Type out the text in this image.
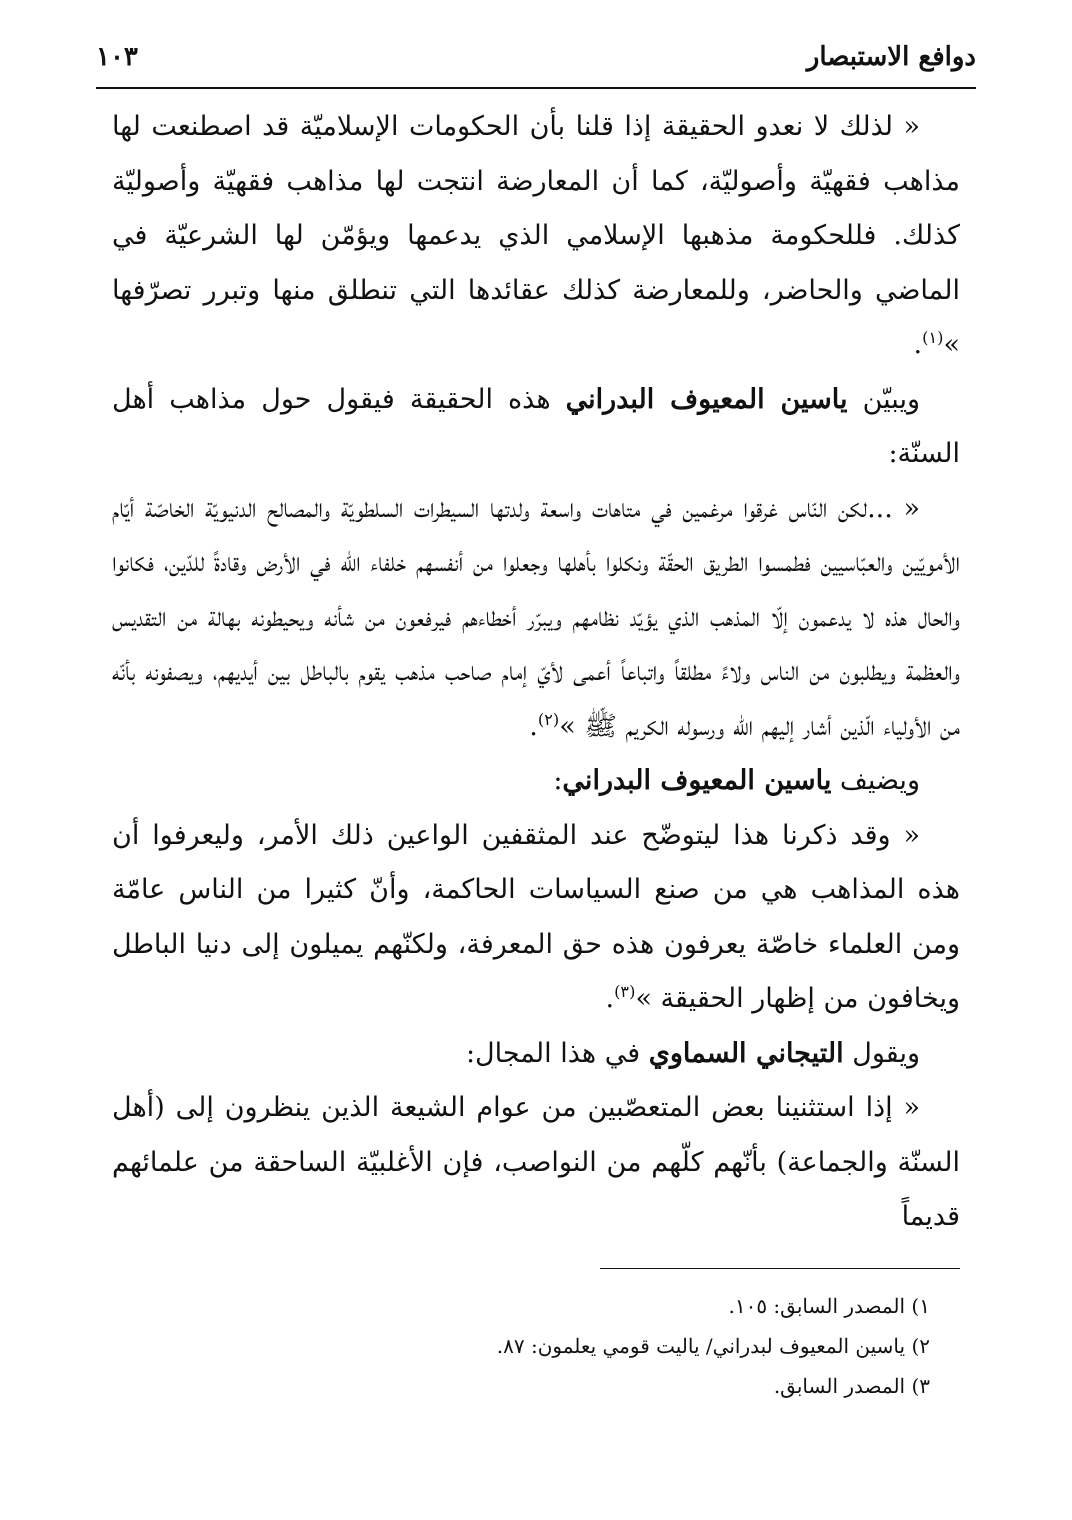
١٠٣	دوافع الاستبصار

« لذلك لا نعدو الحقيقة إذا قلنا بأن الحكومات الإسلاميّة قد اصطنعت لها مذاهب فقهيّة وأصوليّة، كما أن المعارضة انتجت لها مذاهب فقهيّة وأصوليّة كذلك. فللحكومة مذهبها الإسلامي الذي يدعمها ويؤمّن لها الشرعيّة في الماضي والحاضر، وللمعارضة كذلك عقائدها التي تنطلق منها وتبرر تصرّفها »$^{(١)}$.

ويبيّن ياسين المعيوف البدراني هذه الحقيقة فيقول حول مذاهب أهل السنّة:

« ...لكن النّاس غرقوا مرغمين في متاهات واسعة ولدتها السيطرات السلطويّة والمصالح الدنيويّة الخاصّة أيّام الأمويّين والعبّاسيين فطمسوا الطريق الحقّة ونكلوا بأهلها وجعلوا من أنفسهم خلفاء الله في الأرض وقادةً للدّين، فكانوا والحال هذه لا يدعمون إلّا المذهب الذي يؤيّد نظامهم ويبرّر أخطاءهم فيرفعون من شأنه ويحيطونه بهالة من التقديس والعظمة ويطلبون من الناس ولاءً مطلقاً واتباعاً أعمى لأيّ إمام صاحب مذهب يقوم بالباطل بين أيديهم، ويصفونه بأنّه من الأولياء الّذين أشار إليهم الله ورسوله الكريم ﷺ »$^{(٢)}$.

ويضيف ياسين المعيوف البدراني:

« وقد ذكرنا هذا ليتوضّح عند المثقفين الواعين ذلك الأمر، وليعرفوا أن هذه المذاهب هي من صنع السياسات الحاكمة، وأنّ كثيرا من الناس عامّة ومن العلماء خاصّة يعرفون هذه حق المعرفة، ولكنّهم يميلون إلى دنيا الباطل ويخافون من إظهار الحقيقة »$^{(٣)}$.

ويقول التيجاني السماوي في هذا المجال:

« إذا استثنينا بعض المتعصّبين من عوام الشيعة الذين ينظرون إلى (أهل السنّة والجماعة) بأنّهم كلّهم من النواصب، فإن الأغلبيّة الساحقة من علمائهم قديماً

١) المصدر السابق: ١٠٥.

٢) ياسين المعيوف لبدراني/ ياليت قومي يعلمون: ٨٧.

٣) المصدر السابق.
